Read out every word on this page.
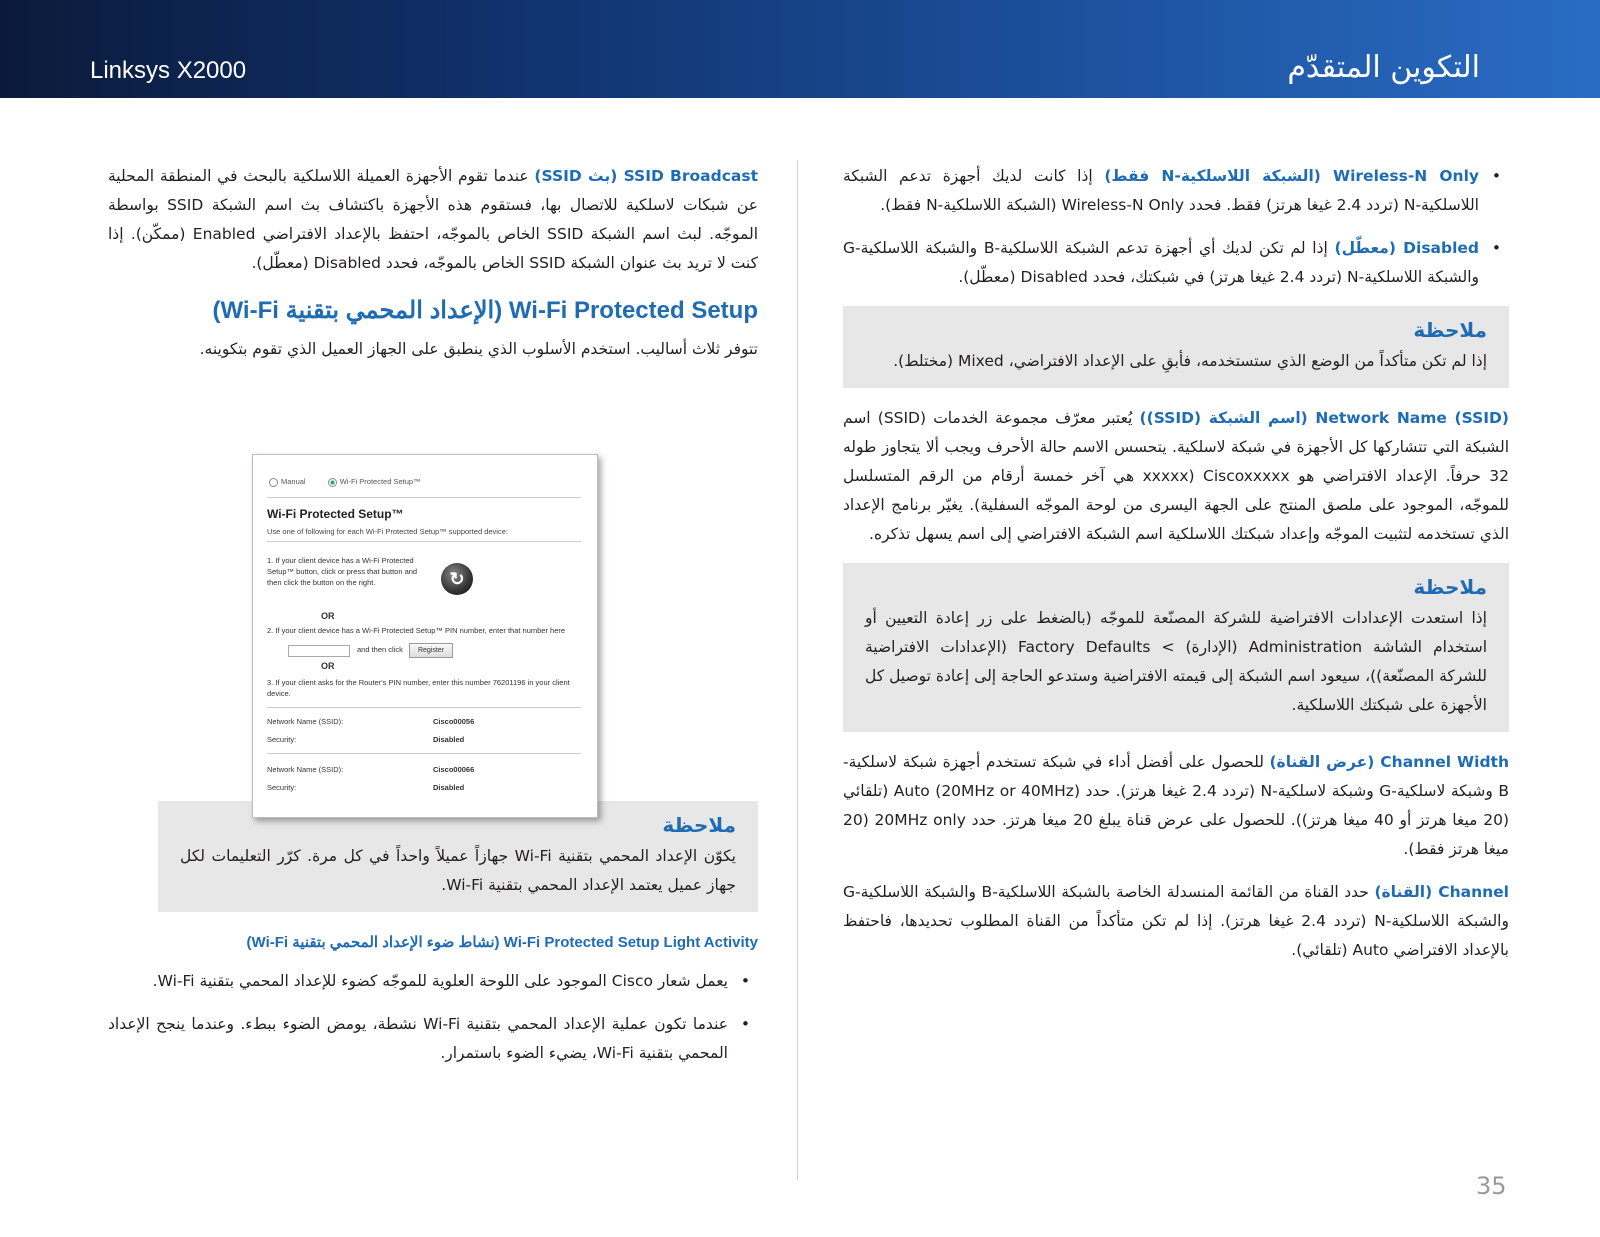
التكوين المتقدّم
Linksys X2000

•
Wireless-N Only (الشبكة اللاسلكية-N فقط) إذا كانت لديك أجهزة تدعم الشبكة اللاسلكية-N (تردد 2.4 غيغا هرتز) فقط. فحدد Wireless-N Only (الشبكة اللاسلكية-N فقط).

•
Disabled (معطّل) إذا لم تكن لديك أي أجهزة تدعم الشبكة اللاسلكية-B والشبكة اللاسلكية-G والشبكة اللاسلكية-N (تردد 2.4 غيغا هرتز) في شبكتك، فحدد Disabled (معطّل).

ملاحظة
إذا لم تكن متأكداً من الوضع الذي ستستخدمه، فأبقِ على الإعداد الافتراضي، Mixed (مختلط).

Network Name (SSID) (اسم الشبكة (SSID)) يُعتبر معرّف مجموعة الخدمات (SSID) اسم الشبكة التي تتشاركها كل الأجهزة في شبكة لاسلكية. يتحسس الاسم حالة الأحرف ويجب ألا يتجاوز طوله 32 حرفاً. الإعداد الافتراضي هو Ciscoxxxxx (xxxxx هي آخر خمسة أرقام من الرقم المتسلسل للموجّه، الموجود على ملصق المنتج على الجهة اليسرى من لوحة الموجّه السفلية). يغيّر برنامج الإعداد الذي تستخدمه لتثبيت الموجّه وإعداد شبكتك اللاسلكية اسم الشبكة الافتراضي إلى اسم يسهل تذكره.

ملاحظة
إذا استعدت الإعدادات الافتراضية للشركة المصنّعة للموجّه (بالضغط على زر إعادة التعيين أو استخدام الشاشة Administration (الإدارة) > Factory Defaults (الإعدادات الافتراضية للشركة المصنّعة))، سيعود اسم الشبكة إلى قيمته الافتراضية وستدعو الحاجة إلى إعادة توصيل كل الأجهزة على شبكتك اللاسلكية.

Channel Width (عرض القناة) للحصول على أفضل أداء في شبكة تستخدم أجهزة شبكة لاسلكية-B وشبكة لاسلكية-G وشبكة لاسلكية-N (تردد 2.4 غيغا هرتز). حدد Auto (20MHz or 40MHz) (تلقائي (20 ميغا هرتز أو 40 ميغا هرتز)). للحصول على عرض قناة يبلغ 20 ميغا هرتز. حدد 20MHz only (20 ميغا هرتز فقط).

Channel (القناة) حدد القناة من القائمة المنسدلة الخاصة بالشبكة اللاسلكية-B والشبكة اللاسلكية-G والشبكة اللاسلكية-N (تردد 2.4 غيغا هرتز). إذا لم تكن متأكداً من القناة المطلوب تحديدها، فاحتفظ بالإعداد الافتراضي Auto (تلقائي).

SSID Broadcast (بث SSID) عندما تقوم الأجهزة العميلة اللاسلكية بالبحث في المنطقة المحلية عن شبكات لاسلكية للاتصال بها، فستقوم هذه الأجهزة باكتشاف بث اسم الشبكة SSID بواسطة الموجّه. لبث اسم الشبكة SSID الخاص بالموجّه، احتفظ بالإعداد الافتراضي Enabled (ممكّن). إذا كنت لا تريد بث عنوان الشبكة SSID الخاص بالموجّه، فحدد Disabled (معطّل).

Wi-Fi Protected Setup (الإعداد المحمي بتقنية Wi-Fi)

تتوفر ثلاث أساليب. استخدم الأسلوب الذي ينطبق على الجهاز العميل الذي تقوم بتكوينه.

ملاحظة
يكوّن الإعداد المحمي بتقنية Wi-Fi جهازاً عميلاً واحداً في كل مرة. كرّر التعليمات لكل جهاز عميل يعتمد الإعداد المحمي بتقنية Wi-Fi.
Wi-Fi Protected Setup Light Activity (نشاط ضوء الإعداد المحمي بتقنية Wi-Fi)

•
يعمل شعار Cisco الموجود على اللوحة العلوية للموجّه كضوء للإعداد المحمي بتقنية Wi-Fi.

•
عندما تكون عملية الإعداد المحمي بتقنية Wi-Fi نشطة، يومض الضوء ببطء. وعندما ينجح الإعداد المحمي بتقنية Wi-Fi، يضيء الضوء باستمرار.

Manual	Wi-Fi Protected Setup™
Wi-Fi Protected Setup™
Use one of following for each Wi-Fi Protected Setup™ supported device:
1. If your client device has a Wi-Fi Protected Setup™ button, click or press that button and then click the button on the right.	↻
OR
2. If your client device has a Wi-Fi Protected Setup™ PIN number, enter that number here
and then click	Register
OR
3. If your client asks for the Router's PIN number, enter this number 76201196 in your client device.
Network Name (SSID):	Cisco00056
Security:	Disabled
Network Name (SSID):	Cisco00066
Security:	Disabled
35
